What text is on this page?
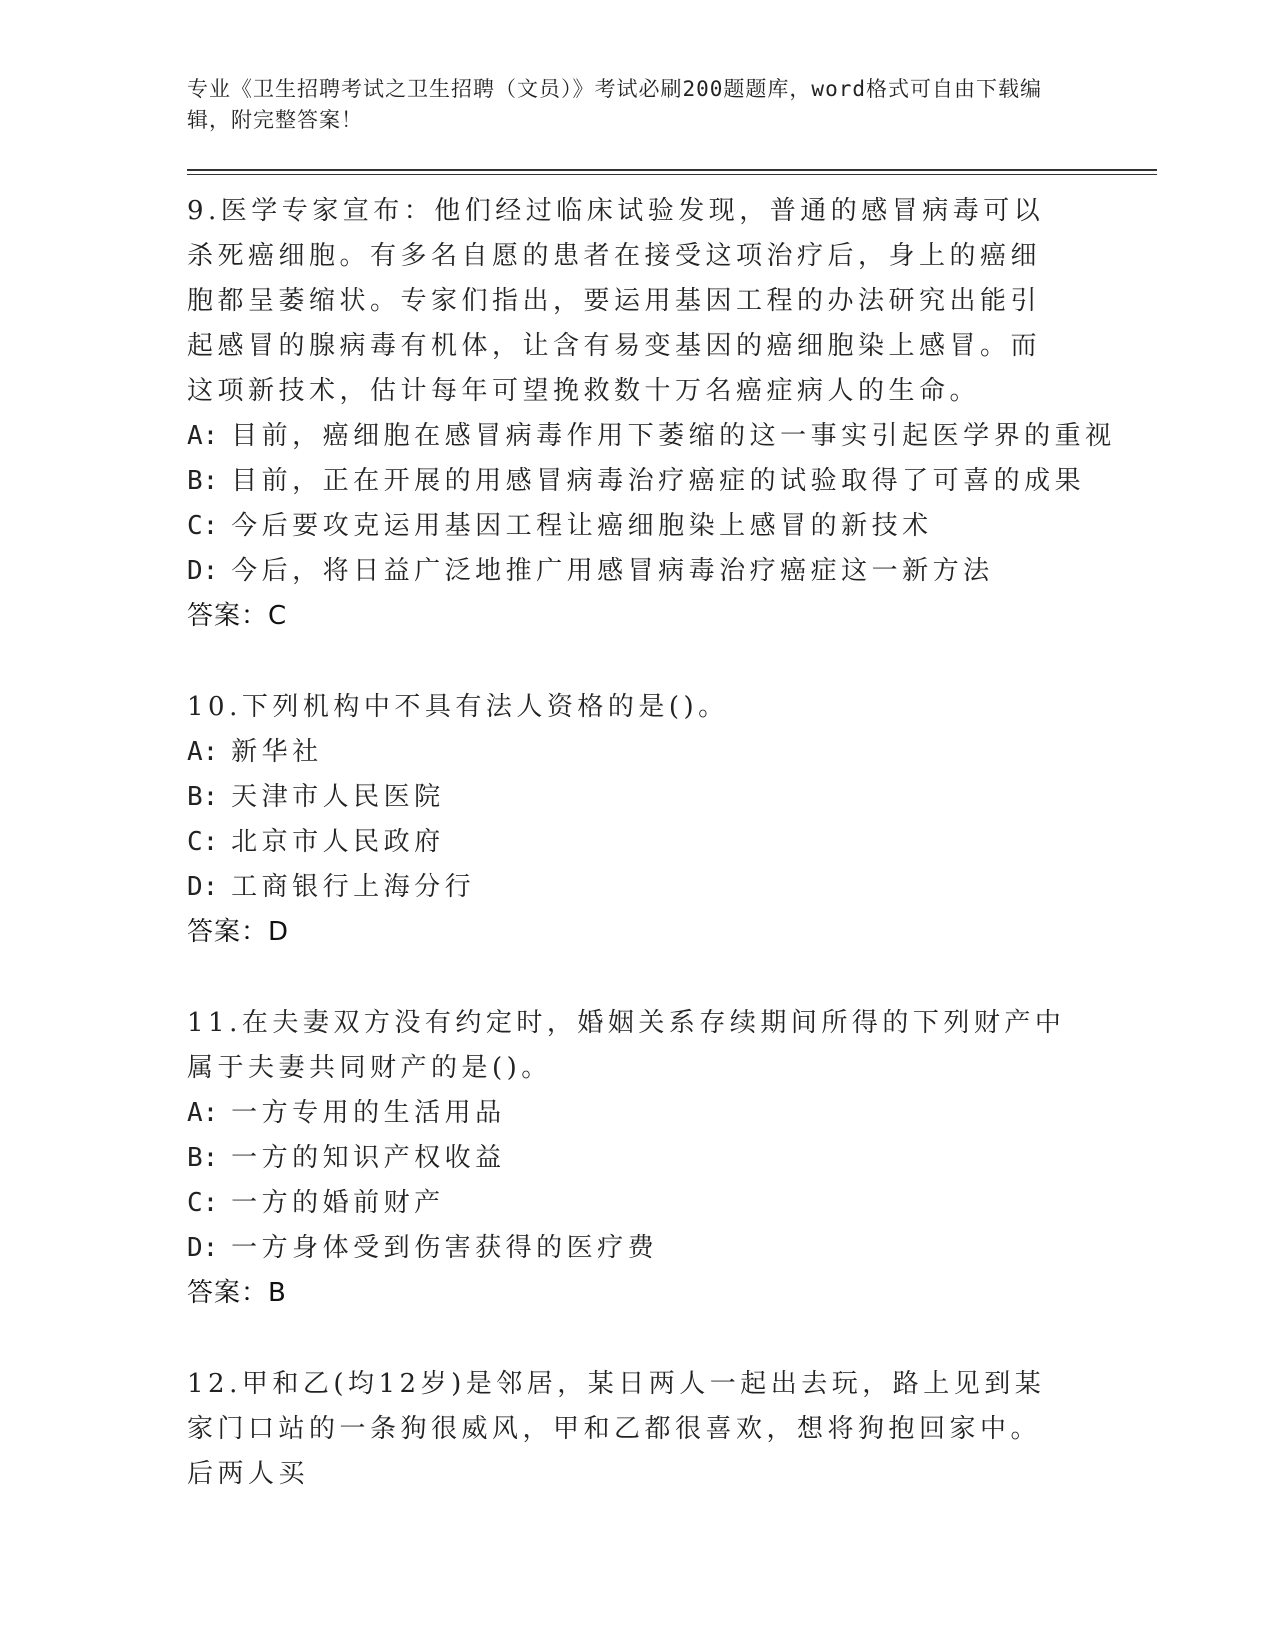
专业《卫生招聘考试之卫生招聘（文员）》考试必刷200题题库，word格式可自由下载编辑，附完整答案！
9.医学专家宣布：他们经过临床试验发现，普通的感冒病毒可以杀死癌细胞。有多名自愿的患者在接受这项治疗后，身上的癌细胞都呈萎缩状。专家们指出，要运用基因工程的办法研究出能引起感冒的腺病毒有机体，让含有易变基因的癌细胞染上感冒。而这项新技术，估计每年可望挽救数十万名癌症病人的生命。
A: 目前，癌细胞在感冒病毒作用下萎缩的这一事实引起医学界的重视
B: 目前，正在开展的用感冒病毒治疗癌症的试验取得了可喜的成果
C: 今后要攻克运用基因工程让癌细胞染上感冒的新技术
D: 今后，将日益广泛地推广用感冒病毒治疗癌症这一新方法
答案：C
10.下列机构中不具有法人资格的是()。
A: 新华社
B: 天津市人民医院
C: 北京市人民政府
D: 工商银行上海分行
答案：D
11.在夫妻双方没有约定时，婚姻关系存续期间所得的下列财产中属于夫妻共同财产的是()。
A: 一方专用的生活用品
B: 一方的知识产权收益
C: 一方的婚前财产
D: 一方身体受到伤害获得的医疗费
答案：B
12.甲和乙(均12岁)是邻居，某日两人一起出去玩，路上见到某家门口站的一条狗很威风，甲和乙都很喜欢，想将狗抱回家中。后两人买
